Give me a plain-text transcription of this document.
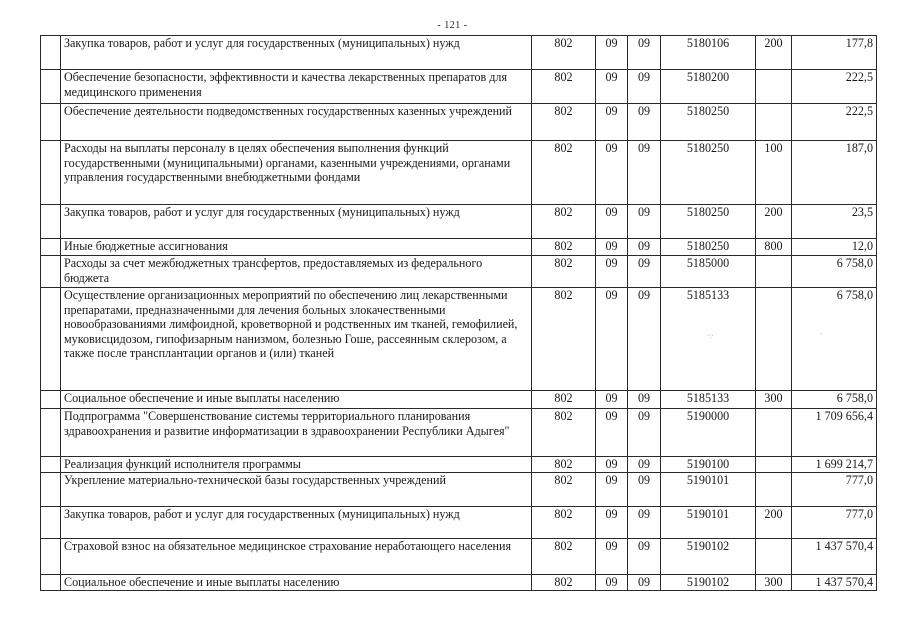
- 121 -
	Закупка товаров, работ и услуг для государственных (муниципальных) нужд	802	09	09	5180106	200	177,8
	Обеспечение безопасности, эффективности и качества лекарственных препаратов для медицинского применения	802	09	09	5180200		222,5
	Обеспечение деятельности подведомственных государственных казенных учреждений	802	09	09	5180250		222,5
	Расходы на выплаты персоналу в целях обеспечения выполнения функций государственными (муниципальными) органами, казенными учреждениями, органами управления государственными внебюджетными фондами	802	09	09	5180250	100	187,0
	Закупка товаров, работ и услуг для государственных (муниципальных) нужд	802	09	09	5180250	200	23,5
	Иные бюджетные ассигнования	802	09	09	5180250	800	12,0
	Расходы за счет межбюджетных трансфертов, предоставляемых из федерального бюджета	802	09	09	5185000		6 758,0
	Осуществление организационных мероприятий по обеспечению лиц лекарственными препаратами, предназначенными для лечения больных злокачественными новообразованиями лимфоидной, кроветворной и родственных им тканей, гемофилией, муковисцидозом, гипофизарным нанизмом, болезнью Гоше, рассеянным склерозом, а также после трансплантации органов и (или) тканей	802	09	09	5185133		6 758,0
	Социальное обеспечение и иные выплаты населению	802	09	09	5185133	300	6 758,0
	Подпрограмма "Совершенствование системы территориального планирования здравоохранения и развитие информатизации в здравоохранении Республики Адыгея"	802	09	09	5190000		1 709 656,4
	Реализация функций исполнителя программы	802	09	09	5190100		1 699 214,7
	Укрепление материально-технической базы государственных учреждений	802	09	09	5190101		777,0
	Закупка товаров, работ и услуг для государственных (муниципальных) нужд	802	09	09	5190101	200	777,0
	Страховой взнос на обязательное медицинское страхование неработающего населения	802	09	09	5190102		1 437 570,4
	Социальное обеспечение и иные выплаты населению	802	09	09	5190102	300	1 437 570,4
·:·	·
